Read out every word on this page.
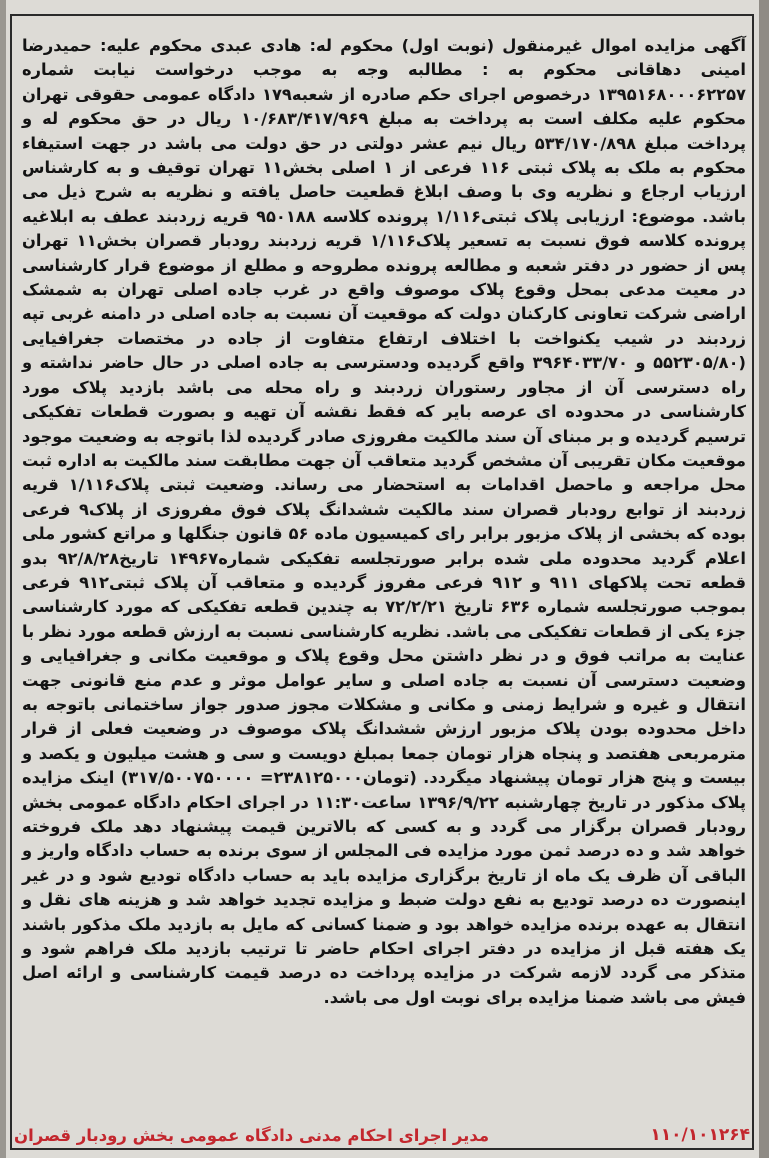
آگهی مزایده اموال غیرمنقول (نوبت اول) محکوم له: هادی عبدی محکوم علیه: حمیدرضا امینی دهاقانی محکوم به : مطالبه وجه به موجب درخواست نیابت شماره ۱۳۹۵۱۶۸۰۰۰۶۲۲۵۷ درخصوص اجرای حکم صادره از شعبه۱۷۹ دادگاه عمومی حقوقی تهران محکوم علیه مکلف است به پرداخت به مبلغ ۱۰/۶۸۳/۴۱۷/۹۶۹ ریال در حق محکوم له و پرداخت مبلغ ۵۳۴/۱۷۰/۸۹۸ ریال نیم عشر دولتی در حق دولت می باشد در جهت استیفاء محکوم به ملک به پلاک ثبتی ۱۱۶ فرعی از ۱ اصلی بخش۱۱ تهران توقیف و به کارشناس ارزیاب ارجاع و نظریه وی با وصف ابلاغ قطعیت حاصل یافته و نظریه به شرح ذیل می باشد. موضوع: ارزیابی پلاک ثبتی۱/۱۱۶ پرونده کلاسه ۹۵۰۱۸۸ قریه زردبند عطف به ابلاغیه پرونده کلاسه فوق نسبت به تسعیر پلاک۱/۱۱۶ قریه زردبند رودبار قصران بخش۱۱ تهران پس از حضور در دفتر شعبه و مطالعه پرونده مطروحه و مطلع از موضوع قرار کارشناسی در معیت مدعی بمحل وقوع پلاک موصوف واقع در غرب جاده اصلی تهران به شمشک اراضی شرکت تعاونی کارکنان دولت که موقعیت آن نسبت به جاده اصلی در دامنه غربی تپه زردبند در شیب یکنواخت با اختلاف ارتفاع متفاوت از جاده در مختصات جغرافیایی (۵۵۲۳۰۵/۸۰ و ۳۹۶۴۰۳۳/۷۰ واقع گردیده ودسترسی به جاده اصلی در حال حاضر نداشته و راه دسترسی آن از مجاور رستوران زردبند و راه محله می باشد بازدید پلاک مورد کارشناسی در محدوده ای عرصه بایر که فقط نقشه آن تهیه و بصورت قطعات تفکیکی ترسیم گردیده و بر مبنای آن سند مالکیت مفروزی صادر گردیده لذا باتوجه به وضعیت موجود موقعیت مکان تقریبی آن مشخص گردید متعاقب آن جهت مطابقت سند مالکیت به اداره ثبت محل مراجعه و ماحصل اقدامات به استحضار می رساند. وضعیت ثبتی پلاک۱/۱۱۶ قریه زردبند از توابع رودبار قصران سند مالکیت ششدانگ پلاک فوق مفروزی از پلاک۹ فرعی بوده که بخشی از پلاک مزبور برابر رای کمیسیون ماده ۵۶ قانون جنگلها و مراتع کشور ملی اعلام گردید محدوده ملی شده برابر صورتجلسه تفکیکی شماره۱۴۹۶۷ تاریخ۹۲/۸/۲۸ بدو قطعه تحت پلاکهای ۹۱۱ و ۹۱۲ فرعی مفروز گردیده و متعاقب آن پلاک ثبتی۹۱۲ فرعی بموجب صورتجلسه شماره ۶۳۶ تاریخ ۷۲/۲/۲۱ به چندین قطعه تفکیکی که مورد کارشناسی جزء یکی از قطعات تفکیکی می باشد. نظریه کارشناسی نسبت به ارزش قطعه مورد نظر با عنایت به مراتب فوق و در نظر داشتن محل وقوع پلاک و موقعیت مکانی و جغرافیایی و وضعیت دسترسی آن نسبت به جاده اصلی و سایر عوامل موثر و عدم منع قانونی جهت انتقال و غیره و شرایط زمنی و مکانی و مشکلات مجوز صدور جواز ساختمانی باتوجه به داخل محدوده بودن پلاک مزبور ارزش ششدانگ پلاک موصوف در وضعیت فعلی از قرار مترمربعی هفتصد و پنجاه هزار تومان جمعا بمبلغ دویست و سی و هشت میلیون و یکصد و بیست و پنج هزار تومان پیشنهاد میگردد. (تومان۲۳۸۱۲۵۰۰۰= ۳۱۷/۵۰۰۷۵۰۰۰۰) اینک مزایده پلاک مذکور در تاریخ چهارشنبه ۱۳۹۶/۹/۲۲ ساعت۱۱:۳۰ در اجرای احکام دادگاه عمومی بخش رودبار قصران برگزار می گردد و به کسی که بالاترین قیمت پیشنهاد دهد ملک فروخته خواهد شد و ده درصد ثمن مورد مزایده فی المجلس از سوی برنده به حساب دادگاه واریز و الباقی آن ظرف یک ماه از تاریخ برگزاری مزایده باید به حساب دادگاه تودیع شود و در غیر اینصورت ده درصد تودیع به نفع دولت ضبط و مزایده تجدید خواهد شد و هزینه های نقل و انتقال به عهده برنده مزایده خواهد بود و ضمنا کسانی که مایل به بازدید ملک مذکور باشند یک هفته قبل از مزایده در دفتر اجرای احکام حاضر تا ترتیب بازدید ملک فراهم شود و متذکر می گردد لازمه شرکت در مزایده پرداخت ده درصد قیمت کارشناسی و ارائه اصل فیش می باشد ضمنا مزایده برای نوبت اول می باشد.
مدیر اجرای احکام مدنی دادگاه عمومی بخش رودبار قصران	۱۱۰/۱۰۱۲۶۴
